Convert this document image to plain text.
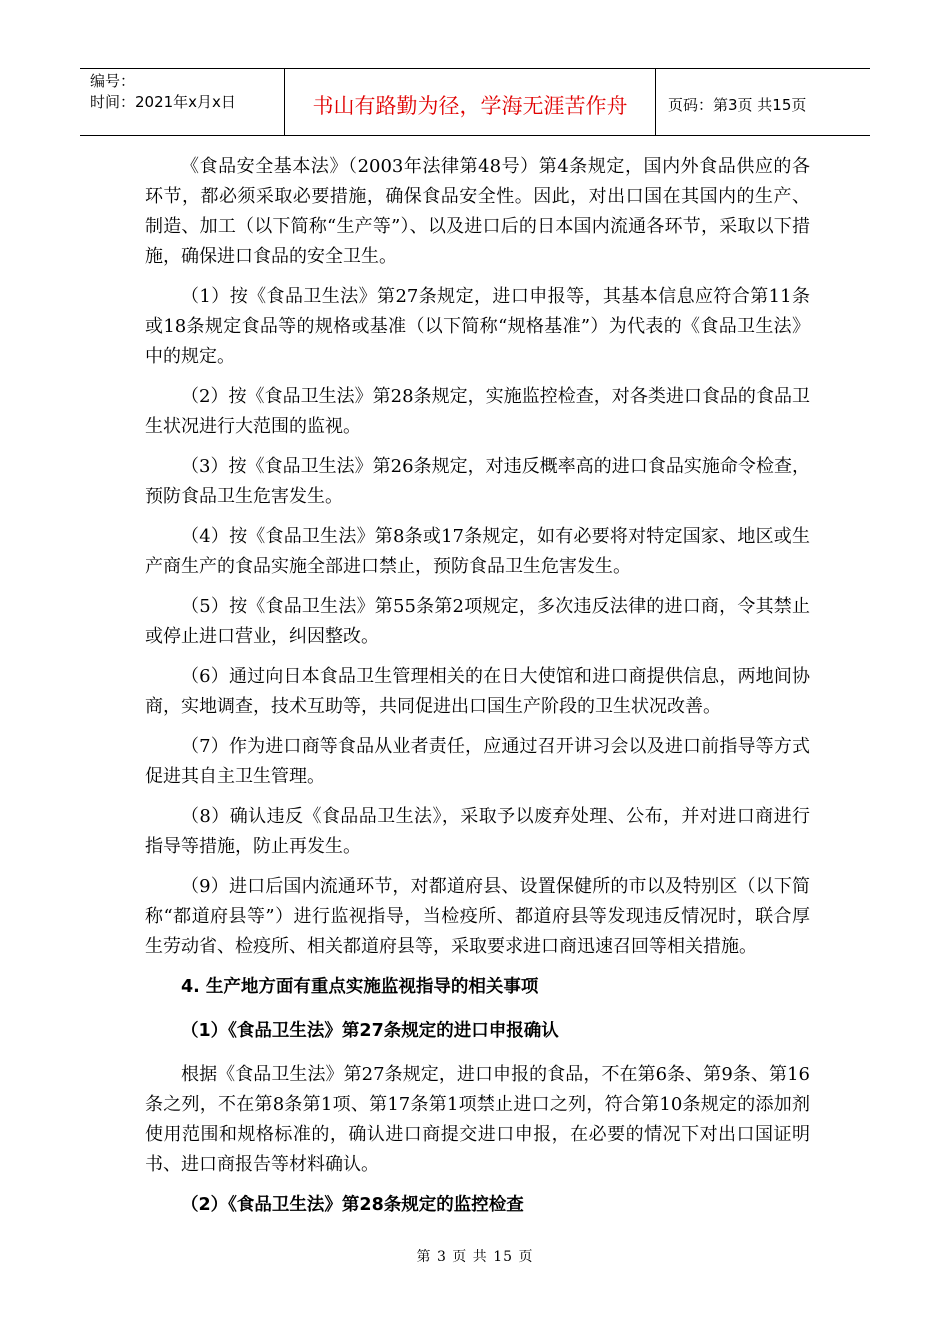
编号：
时间：2021年x月x日	书山有路勤为径，学海无涯苦作舟	页码：第3页 共15页

《食品安全基本法》（2003年法律第48号）第4条规定，国内外食品供应的各环节，都必须采取必要措施，确保食品安全性。因此，对出口国在其国内的生产、制造、加工（以下简称“生产等”）、以及进口后的日本国内流通各环节，采取以下措施，确保进口食品的安全卫生。

（1）按《食品卫生法》第27条规定，进口申报等，其基本信息应符合第11条或18条规定食品等的规格或基准（以下简称“规格基准”）为代表的《食品卫生法》中的规定。

（2）按《食品卫生法》第28条规定，实施监控检查，对各类进口食品的食品卫生状况进行大范围的监视。

（3）按《食品卫生法》第26条规定，对违反概率高的进口食品实施命令检查，预防食品卫生危害发生。

（4）按《食品卫生法》第8条或17条规定，如有必要将对特定国家、地区或生产商生产的食品实施全部进口禁止，预防食品卫生危害发生。

（5）按《食品卫生法》第55条第2项规定，多次违反法律的进口商，令其禁止或停止进口营业，纠因整改。

（6）通过向日本食品卫生管理相关的在日大使馆和进口商提供信息，两地间协商，实地调查，技术互助等，共同促进出口国生产阶段的卫生状况改善。

（7）作为进口商等食品从业者责任，应通过召开讲习会以及进口前指导等方式促进其自主卫生管理。

（8）确认违反《食品品卫生法》，采取予以废弃处理、公布，并对进口商进行指导等措施，防止再发生。

（9）进口后国内流通环节，对都道府县、设置保健所的市以及特别区（以下简称“都道府县等”）进行监视指导，当检疫所、都道府县等发现违反情况时，联合厚生劳动省、检疫所、相关都道府县等，采取要求进口商迅速召回等相关措施。

4. 生产地方面有重点实施监视指导的相关事项

（1）《食品卫生法》第27条规定的进口申报确认

根据《食品卫生法》第27条规定，进口申报的食品，不在第6条、第9条、第16条之列，不在第8条第1项、第17条第1项禁止进口之列，符合第10条规定的添加剂使用范围和规格标准的，确认进口商提交进口申报，在必要的情况下对出口国证明书、进口商报告等材料确认。

（2）《食品卫生法》第28条规定的监控检查

第 3 页 共 15 页
